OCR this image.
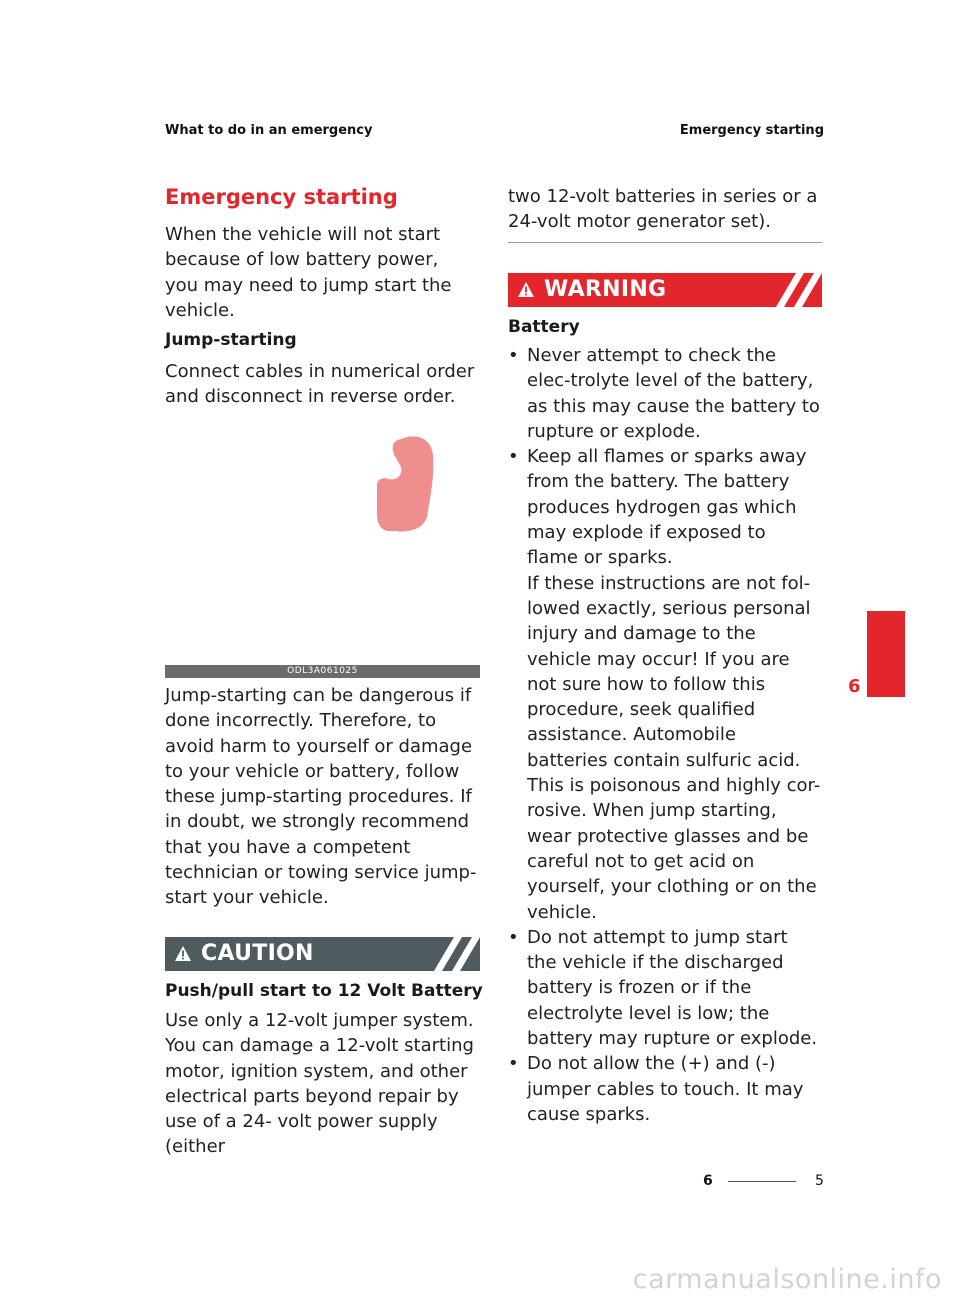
What to do in an emergency	Emergency starting
Emergency starting
When the vehicle will not start because of low battery power, you may need to jump start the vehicle.
Jump-starting
Connect cables in numerical order and disconnect in reverse order.
ODL3A061025
Jump-starting can be dangerous if done incorrectly. Therefore, to avoid harm to yourself or damage to your vehicle or battery, follow these jump-starting procedures. If in doubt, we strongly recommend that you have a competent technician or towing service jump-start your vehicle.
CAUTION
Push/pull start to 12 Volt Battery
Use only a 12-volt jumper system. You can damage a 12-volt starting motor, ignition system, and other electrical parts beyond repair by use of a 24- volt power supply (either
two 12-volt batteries in series or a 24-volt motor generator set).
WARNING
Battery
• Never attempt to check the elec-trolyte level of the battery, as this may cause the battery to rupture or explode.
• Keep all flames or sparks away from the battery. The battery produces hydrogen gas which may explode if exposed to flame or sparks.
If these instructions are not fol-lowed exactly, serious personal injury and damage to the vehicle may occur! If you are not sure how to follow this procedure, seek qualified assistance. Automobile batteries contain sulfuric acid. This is poisonous and highly cor-rosive. When jump starting, wear protective glasses and be careful not to get acid on yourself, your clothing or on the vehicle.
• Do not attempt to jump start the vehicle if the discharged battery is frozen or if the electrolyte level is low; the battery may rupture or explode.
• Do not allow the (+) and (-) jumper cables to touch. It may cause sparks.
6
6	5
carmanualsonline.info
